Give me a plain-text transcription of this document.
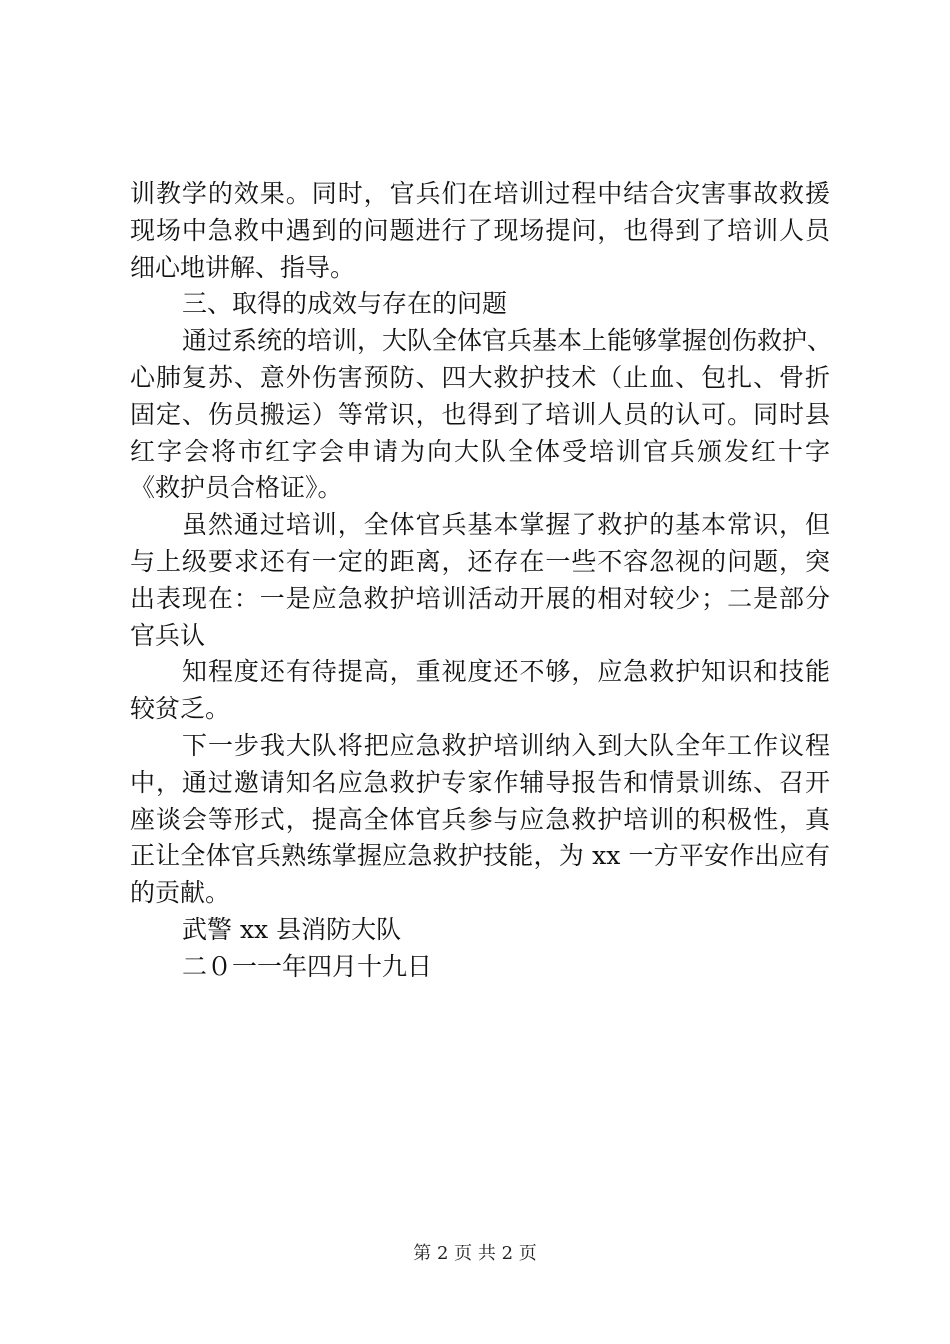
训教学的效果。同时，官兵们在培训过程中结合灾害事故救援
现场中急救中遇到的问题进行了现场提问，也得到了培训人员
细心地讲解、指导。
三、取得的成效与存在的问题
通过系统的培训，大队全体官兵基本上能够掌握创伤救护、
心肺复苏、意外伤害预防、四大救护技术（止血、包扎、骨折
固定、伤员搬运）等常识，也得到了培训人员的认可。同时县
红字会将市红字会申请为向大队全体受培训官兵颁发红十字
《救护员合格证》。
虽然通过培训，全体官兵基本掌握了救护的基本常识，但
与上级要求还有一定的距离，还存在一些不容忽视的问题，突
出表现在：一是应急救护培训活动开展的相对较少；二是部分
官兵认
知程度还有待提高，重视度还不够，应急救护知识和技能
较贫乏。
下一步我大队将把应急救护培训纳入到大队全年工作议程
中，通过邀请知名应急救护专家作辅导报告和情景训练、召开
座谈会等形式，提高全体官兵参与应急救护培训的积极性，真
正让全体官兵熟练掌握应急救护技能，为 xx 一方平安作出应有
的贡献。
武警 xx 县消防大队
二０一一年四月十九日
第 2 页 共 2 页
